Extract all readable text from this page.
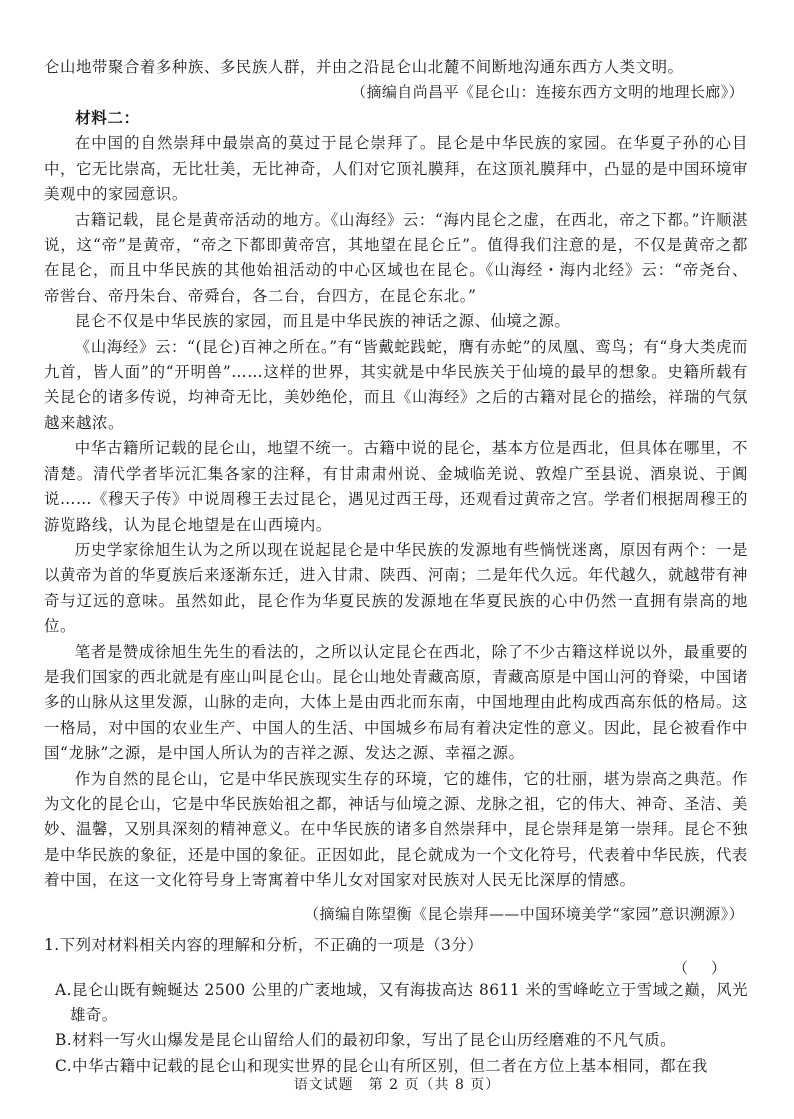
仑山地带聚合着多种族、多民族人群，并由之沿昆仑山北麓不间断地沟通东西方人类文明。

（摘编自尚昌平《昆仑山：连接东西方文明的地理长廊》）

材料二：

在中国的自然崇拜中最崇高的莫过于昆仑崇拜了。昆仑是中华民族的家园。在华夏子孙的心目中，它无比崇高，无比壮美，无比神奇，人们对它顶礼膜拜，在这顶礼膜拜中，凸显的是中国环境审美观中的家园意识。

古籍记载，昆仑是黄帝活动的地方。《山海经》云：“海内昆仑之虚，在西北，帝之下都。”许顺湛说，这“帝”是黄帝，“帝之下都即黄帝宫，其地望在昆仑丘”。值得我们注意的是，不仅是黄帝之都在昆仑，而且中华民族的其他始祖活动的中心区域也在昆仑。《山海经・海内北经》云：“帝尧台、帝喾台、帝丹朱台、帝舜台，各二台，台四方，在昆仑东北。”

昆仑不仅是中华民族的家园，而且是中华民族的神话之源、仙境之源。

《山海经》云：“(昆仑)百神之所在。”有“皆戴蛇践蛇，膺有赤蛇”的凤凰、鸾鸟；有“身大类虎而九首，皆人面”的“开明兽”……这样的世界，其实就是中华民族关于仙境的最早的想象。史籍所载有关昆仑的诸多传说，均神奇无比，美妙绝伦，而且《山海经》之后的古籍对昆仑的描绘，祥瑞的气氛越来越浓。

中华古籍所记载的昆仑山，地望不统一。古籍中说的昆仑，基本方位是西北，但具体在哪里，不清楚。清代学者毕沅汇集各家的注释，有甘肃肃州说、金城临羌说、敦煌广至县说、酒泉说、于阗说……《穆天子传》中说周穆王去过昆仑，遇见过西王母，还观看过黄帝之宫。学者们根据周穆王的游览路线，认为昆仑地望是在山西境内。

历史学家徐旭生认为之所以现在说起昆仑是中华民族的发源地有些惝恍迷离，原因有两个：一是以黄帝为首的华夏族后来逐渐东迁，进入甘肃、陕西、河南；二是年代久远。年代越久，就越带有神奇与辽远的意味。虽然如此，昆仑作为华夏民族的发源地在华夏民族的心中仍然一直拥有崇高的地位。

笔者是赞成徐旭生先生的看法的，之所以认定昆仑在西北，除了不少古籍这样说以外，最重要的是我们国家的西北就是有座山叫昆仑山。昆仑山地处青藏高原，青藏高原是中国山河的脊梁，中国诸多的山脉从这里发源，山脉的走向，大体上是由西北而东南，中国地理由此构成西高东低的格局。这一格局，对中国的农业生产、中国人的生活、中国城乡布局有着决定性的意义。因此，昆仑被看作中国“龙脉”之源，是中国人所认为的吉祥之源、发达之源、幸福之源。

作为自然的昆仑山，它是中华民族现实生存的环境，它的雄伟，它的壮丽，堪为崇高之典范。作为文化的昆仑山，它是中华民族始祖之都，神话与仙境之源、龙脉之祖，它的伟大、神奇、圣洁、美妙、温馨，又别具深刻的精神意义。在中华民族的诸多自然崇拜中，昆仑崇拜是第一崇拜。昆仑不独是中华民族的象征，还是中国的象征。正因如此，昆仑就成为一个文化符号，代表着中华民族，代表着中国，在这一文化符号身上寄寓着中华儿女对国家对民族对人民无比深厚的情感。

（摘编自陈望衡《昆仑崇拜——中国环境美学“家园”意识溯源》）

1.下列对材料相关内容的理解和分析，不正确的一项是（3分）

（　）

A.昆仑山既有蜿蜒达 2500 公里的广袤地域，又有海拔高达 8611 米的雪峰屹立于雪域之巅，风光雄奇。

B.材料一写火山爆发是昆仑山留给人们的最初印象，写出了昆仑山历经磨难的不凡气质。

C.中华古籍中记载的昆仑山和现实世界的昆仑山有所区别，但二者在方位上基本相同，都在我

语文试题　第 2 页（共 8 页）
